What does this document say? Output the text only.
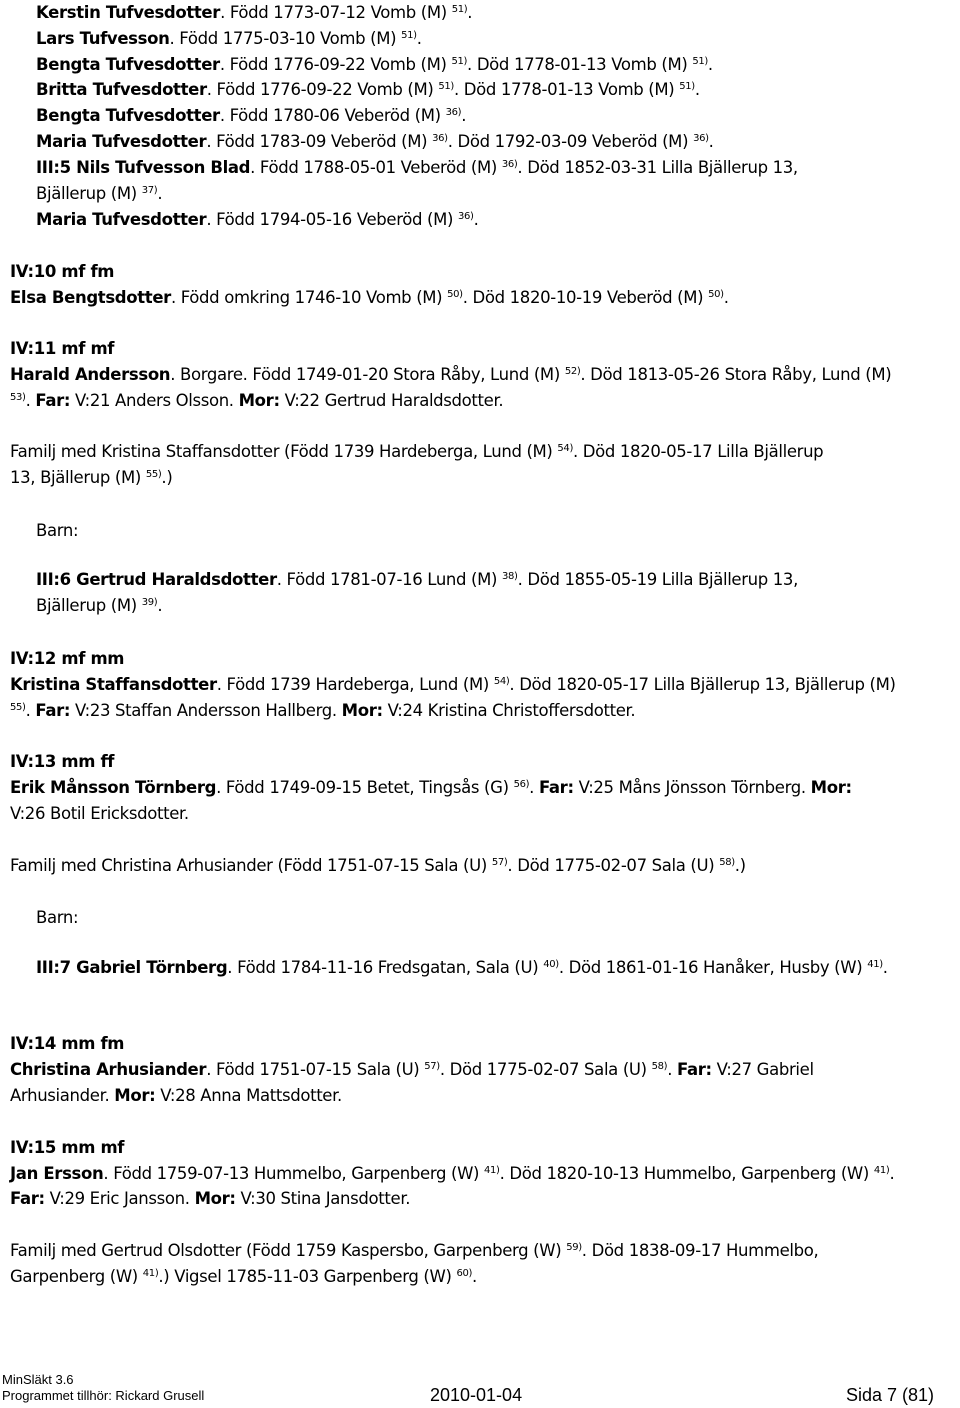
Kerstin Tufvesdotter. Född 1773-07-12 Vomb (M) $^{51)}$.
Lars Tufvesson. Född 1775-03-10 Vomb (M) $^{51)}$.
Bengta Tufvesdotter. Född 1776-09-22 Vomb (M) $^{51)}$. Död 1778-01-13 Vomb (M) $^{51)}$.
Britta Tufvesdotter. Född 1776-09-22 Vomb (M) $^{51)}$. Död 1778-01-13 Vomb (M) $^{51)}$.
Bengta Tufvesdotter. Född 1780-06 Veberöd (M) $^{36)}$.
Maria Tufvesdotter. Född 1783-09 Veberöd (M) $^{36)}$. Död 1792-03-09 Veberöd (M) $^{36)}$.
III:5 Nils Tufvesson Blad. Född 1788-05-01 Veberöd (M) $^{36)}$. Död 1852-03-31 Lilla Bjällerup 13,
Bjällerup (M) $^{37)}$.
Maria Tufvesdotter. Född 1794-05-16 Veberöd (M) $^{36)}$.
IV:10 mf fm
Elsa Bengtsdotter. Född omkring 1746-10 Vomb (M) $^{50)}$. Död 1820-10-19 Veberöd (M) $^{50)}$.
IV:11 mf mf
Harald Andersson. Borgare. Född 1749-01-20 Stora Råby, Lund (M) $^{52)}$. Död 1813-05-26 Stora Råby, Lund (M)
$^{53)}$. Far: V:21 Anders Olsson. Mor: V:22 Gertrud Haraldsdotter.
Familj med Kristina Staffansdotter (Född 1739 Hardeberga, Lund (M) $^{54)}$. Död 1820-05-17 Lilla Bjällerup
13, Bjällerup (M) $^{55)}$.)
Barn:
III:6 Gertrud Haraldsdotter. Född 1781-07-16 Lund (M) $^{38)}$. Död 1855-05-19 Lilla Bjällerup 13,
Bjällerup (M) $^{39)}$.
IV:12 mf mm
Kristina Staffansdotter. Född 1739 Hardeberga, Lund (M) $^{54)}$. Död 1820-05-17 Lilla Bjällerup 13, Bjällerup (M)
$^{55)}$. Far: V:23 Staffan Andersson Hallberg. Mor: V:24 Kristina Christoffersdotter.
IV:13 mm ff
Erik Månsson Törnberg. Född 1749-09-15 Betet, Tingsås (G) $^{56)}$. Far: V:25 Måns Jönsson Törnberg. Mor:
V:26 Botil Ericksdotter.
Familj med Christina Arhusiander (Född 1751-07-15 Sala (U) $^{57)}$. Död 1775-02-07 Sala (U) $^{58)}$.)
Barn:
III:7 Gabriel Törnberg. Född 1784-11-16 Fredsgatan, Sala (U) $^{40)}$. Död 1861-01-16 Hanåker, Husby (W) $^{41)}$.
IV:14 mm fm
Christina Arhusiander. Född 1751-07-15 Sala (U) $^{57)}$. Död 1775-02-07 Sala (U) $^{58)}$. Far: V:27 Gabriel
Arhusiander. Mor: V:28 Anna Mattsdotter.
IV:15 mm mf
Jan Ersson. Född 1759-07-13 Hummelbo, Garpenberg (W) $^{41)}$. Död 1820-10-13 Hummelbo, Garpenberg (W) $^{41)}$.
Far: V:29 Eric Jansson. Mor: V:30 Stina Jansdotter.
Familj med Gertrud Olsdotter (Född 1759 Kaspersbo, Garpenberg (W) $^{59)}$. Död 1838-09-17 Hummelbo,
Garpenberg (W) $^{41)}$.) Vigsel 1785-11-03 Garpenberg (W) $^{60)}$.
MinSläkt 3.6
Programmet tillhör: Rickard Grusell	2010-01-04	Sida 7 (81)
